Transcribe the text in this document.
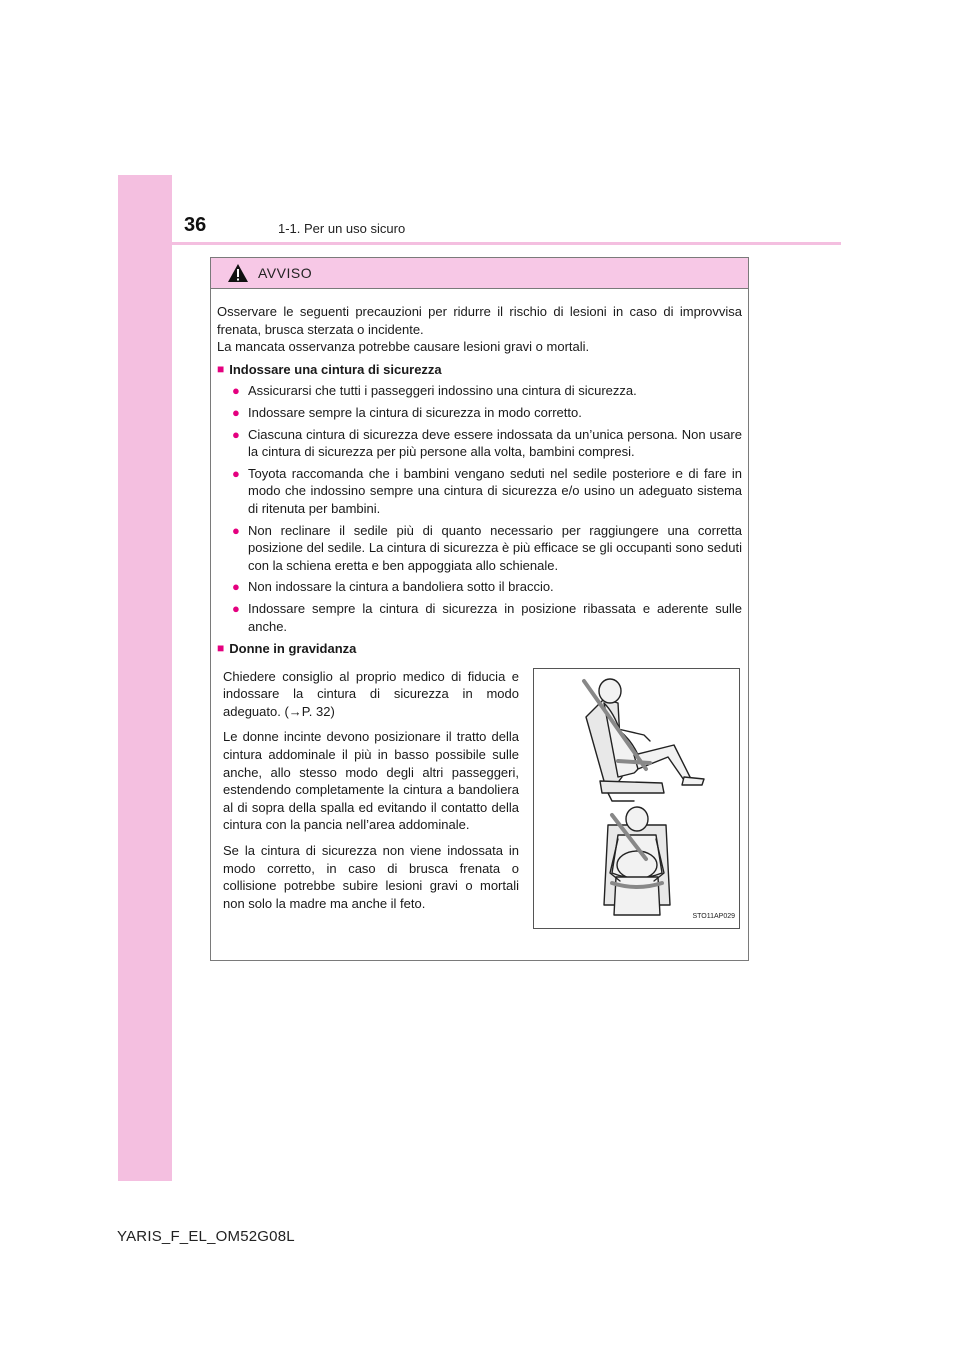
36	1-1. Per un uso sicuro
AVVISO

Osservare le seguenti precauzioni per ridurre il rischio di lesioni in caso di improvvisa frenata, brusca sterzata o incidente.

La mancata osservanza potrebbe causare lesioni gravi o mortali.

■ Indossare una cintura di sicurezza
● Assicurarsi che tutti i passeggeri indossino una cintura di sicurezza.
● Indossare sempre la cintura di sicurezza in modo corretto.
● Ciascuna cintura di sicurezza deve essere indossata da un’unica persona. Non usare la cintura di sicurezza per più persone alla volta, bambini compresi.
● Toyota raccomanda che i bambini vengano seduti nel sedile posteriore e di fare in modo che indossino sempre una cintura di sicurezza e/o usino un adeguato sistema di ritenuta per bambini.
● Non reclinare il sedile più di quanto necessario per raggiungere una corretta posizione del sedile. La cintura di sicurezza è più efficace se gli occupanti sono seduti con la schiena eretta e ben appoggiata allo schienale.
● Non indossare la cintura a bandoliera sotto il braccio.
● Indossare sempre la cintura di sicurezza in posizione ribassata e aderente sulle anche.
■ Donne in gravidanza

Chiedere consiglio al proprio medico di fiducia e indossare la cintura di sicurezza in modo adeguato. (→P. 32)

Le donne incinte devono posizionare il tratto della cintura addominale il più in basso possibile sulle anche, allo stesso modo degli altri passeggeri, estendendo completamente la cintura a bandoliera al di sopra della spalla ed evitando il contatto della cintura con la pancia nell’area addominale.

Se la cintura di sicurezza non viene indossata in modo corretto, in caso di brusca frenata o collisione potrebbe subire lesioni gravi o mortali non solo la madre ma anche il feto.

STO11AP029
YARIS_F_EL_OM52G08L
